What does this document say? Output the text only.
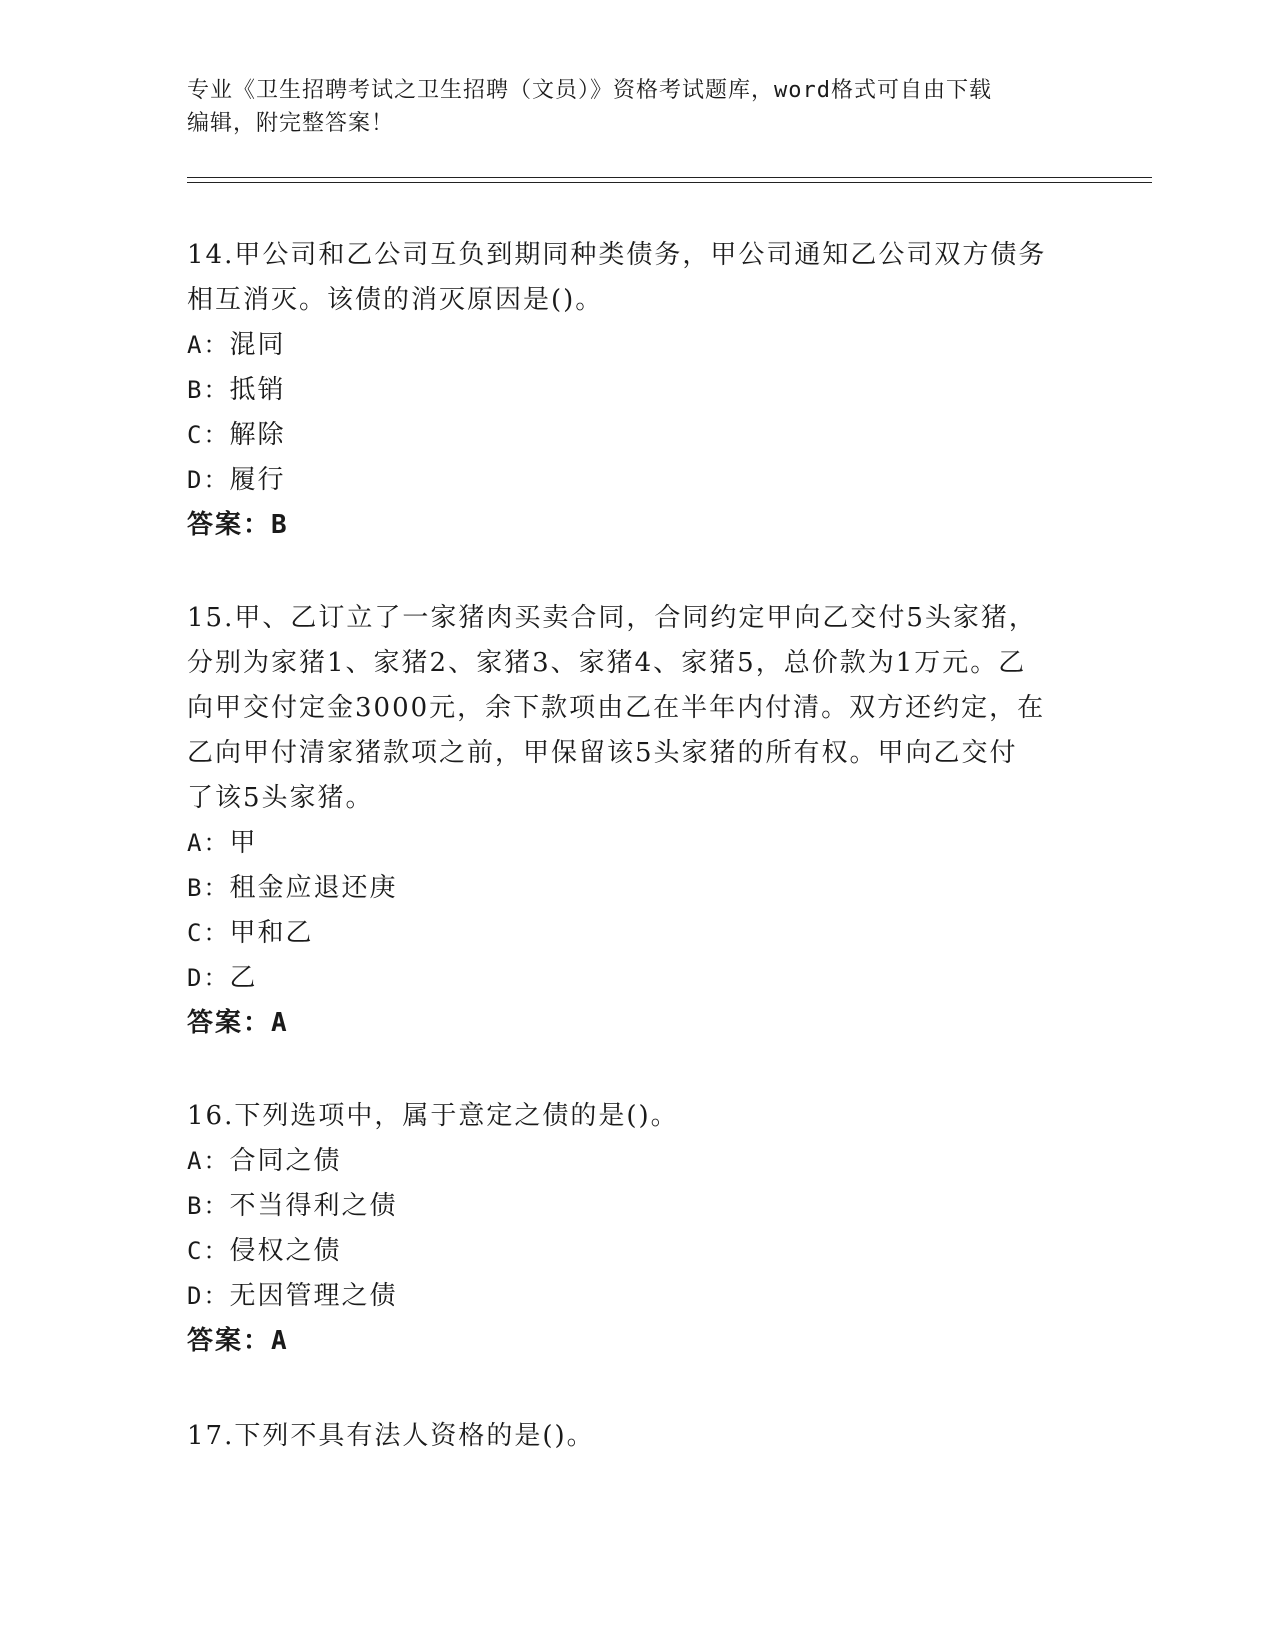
专业《卫生招聘考试之卫生招聘（文员）》资格考试题库，word格式可自由下载
编辑，附完整答案！
14.甲公司和乙公司互负到期同种类债务，甲公司通知乙公司双方债务
相互消灭。该债的消灭原因是()。
A：混同
B：抵销
C：解除
D：履行
答案：B
15.甲、乙订立了一家猪肉买卖合同，合同约定甲向乙交付5头家猪，
分别为家猪1、家猪2、家猪3、家猪4、家猪5，总价款为1万元。乙
向甲交付定金3000元，余下款项由乙在半年内付清。双方还约定，在
乙向甲付清家猪款项之前，甲保留该5头家猪的所有权。甲向乙交付
了该5头家猪。
A：甲
B：租金应退还庚
C：甲和乙
D：乙
答案：A
16.下列选项中，属于意定之债的是()。
A：合同之债
B：不当得利之债
C：侵权之债
D：无因管理之债
答案：A
17.下列不具有法人资格的是()。
